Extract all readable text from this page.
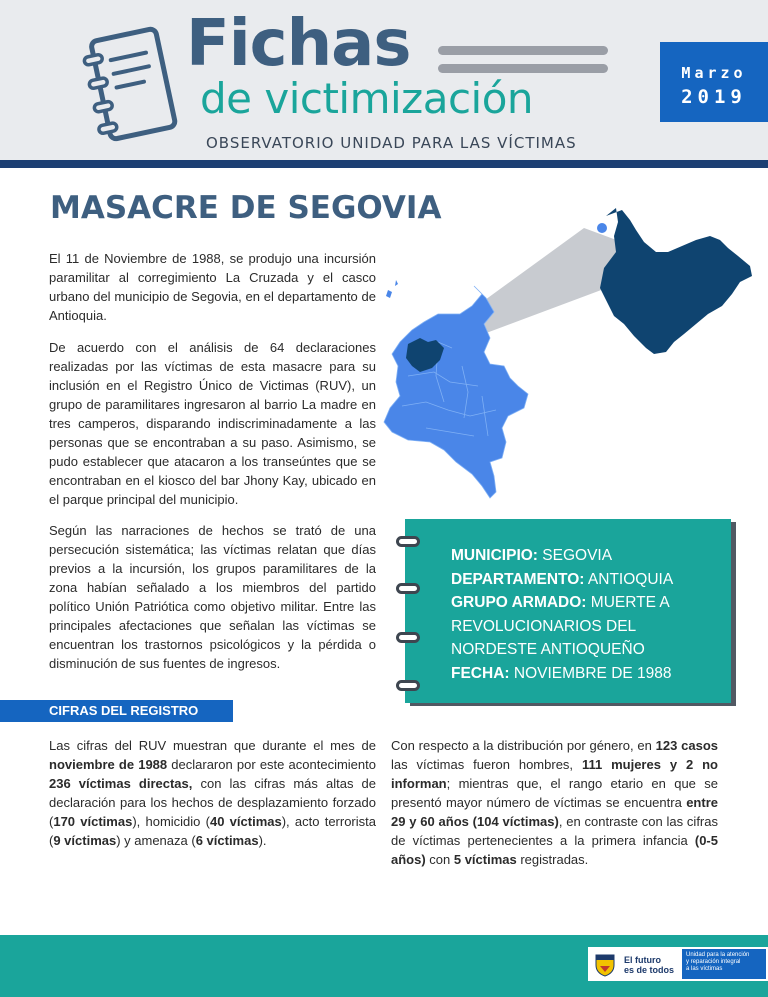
Fichas
de victimización
OBSERVATORIO UNIDAD PARA LAS VÍCTIMAS
Marzo
2019
MASACRE DE SEGOVIA

El 11 de Noviembre de 1988, se produjo una incursión paramilitar al corregimiento La Cruzada y el casco urbano del municipio de Segovia, en el departamento de Antioquia.

De acuerdo con el análisis de 64 declaraciones realizadas por las víctimas de esta masacre para su inclusión en el Registro Único de Victimas (RUV), un grupo de paramilitares ingresaron al barrio La madre en tres camperos, disparando indiscriminadamente a las personas que se encontraban a su paso. Asimismo, se pudo establecer que atacaron a los transeúntes que se encontraban en el kiosco del bar Jhony Kay, ubicado en el parque principal del municipio.

Según las narraciones de hechos se trató de una persecución sistemática; las víctimas relatan que días previos a la incursión, los grupos paramilitares de la zona habían señalado a los miembros del partido político Unión Patriótica como objetivo militar. Entre las principales afectaciones que señalan las víctimas se encuentran los trastornos psicológicos y la pérdida o disminución de sus fuentes de ingresos.

MUNICIPIO: SEGOVIA
DEPARTAMENTO: ANTIOQUIA
GRUPO ARMADO: MUERTE A REVOLUCIONARIOS DEL NORDESTE ANTIOQUEÑO
FECHA: NOVIEMBRE DE 1988
CIFRAS DEL REGISTRO

Las cifras del RUV muestran que durante el mes de noviembre de 1988 declararon por este acontecimiento 236 víctimas directas, con las cifras más altas de declaración para los hechos de desplazamiento forzado (170 víctimas), homicidio (40 víctimas), acto terrorista (9 víctimas) y amenaza (6 víctimas).

Con respecto a la distribución por género, en 123 casos las víctimas fueron hombres, 111 mujeres y 2 no informan; mientras que, el rango etario en que se presentó mayor número de víctimas se encuentra entre 29 y 60 años (104 víctimas), en contraste con las cifras de víctimas pertenecientes a la primera infancia (0-5 años) con 5 víctimas registradas.

El futuro
es de todos
Unidad para la atención
y reparación integral
a las víctimas
